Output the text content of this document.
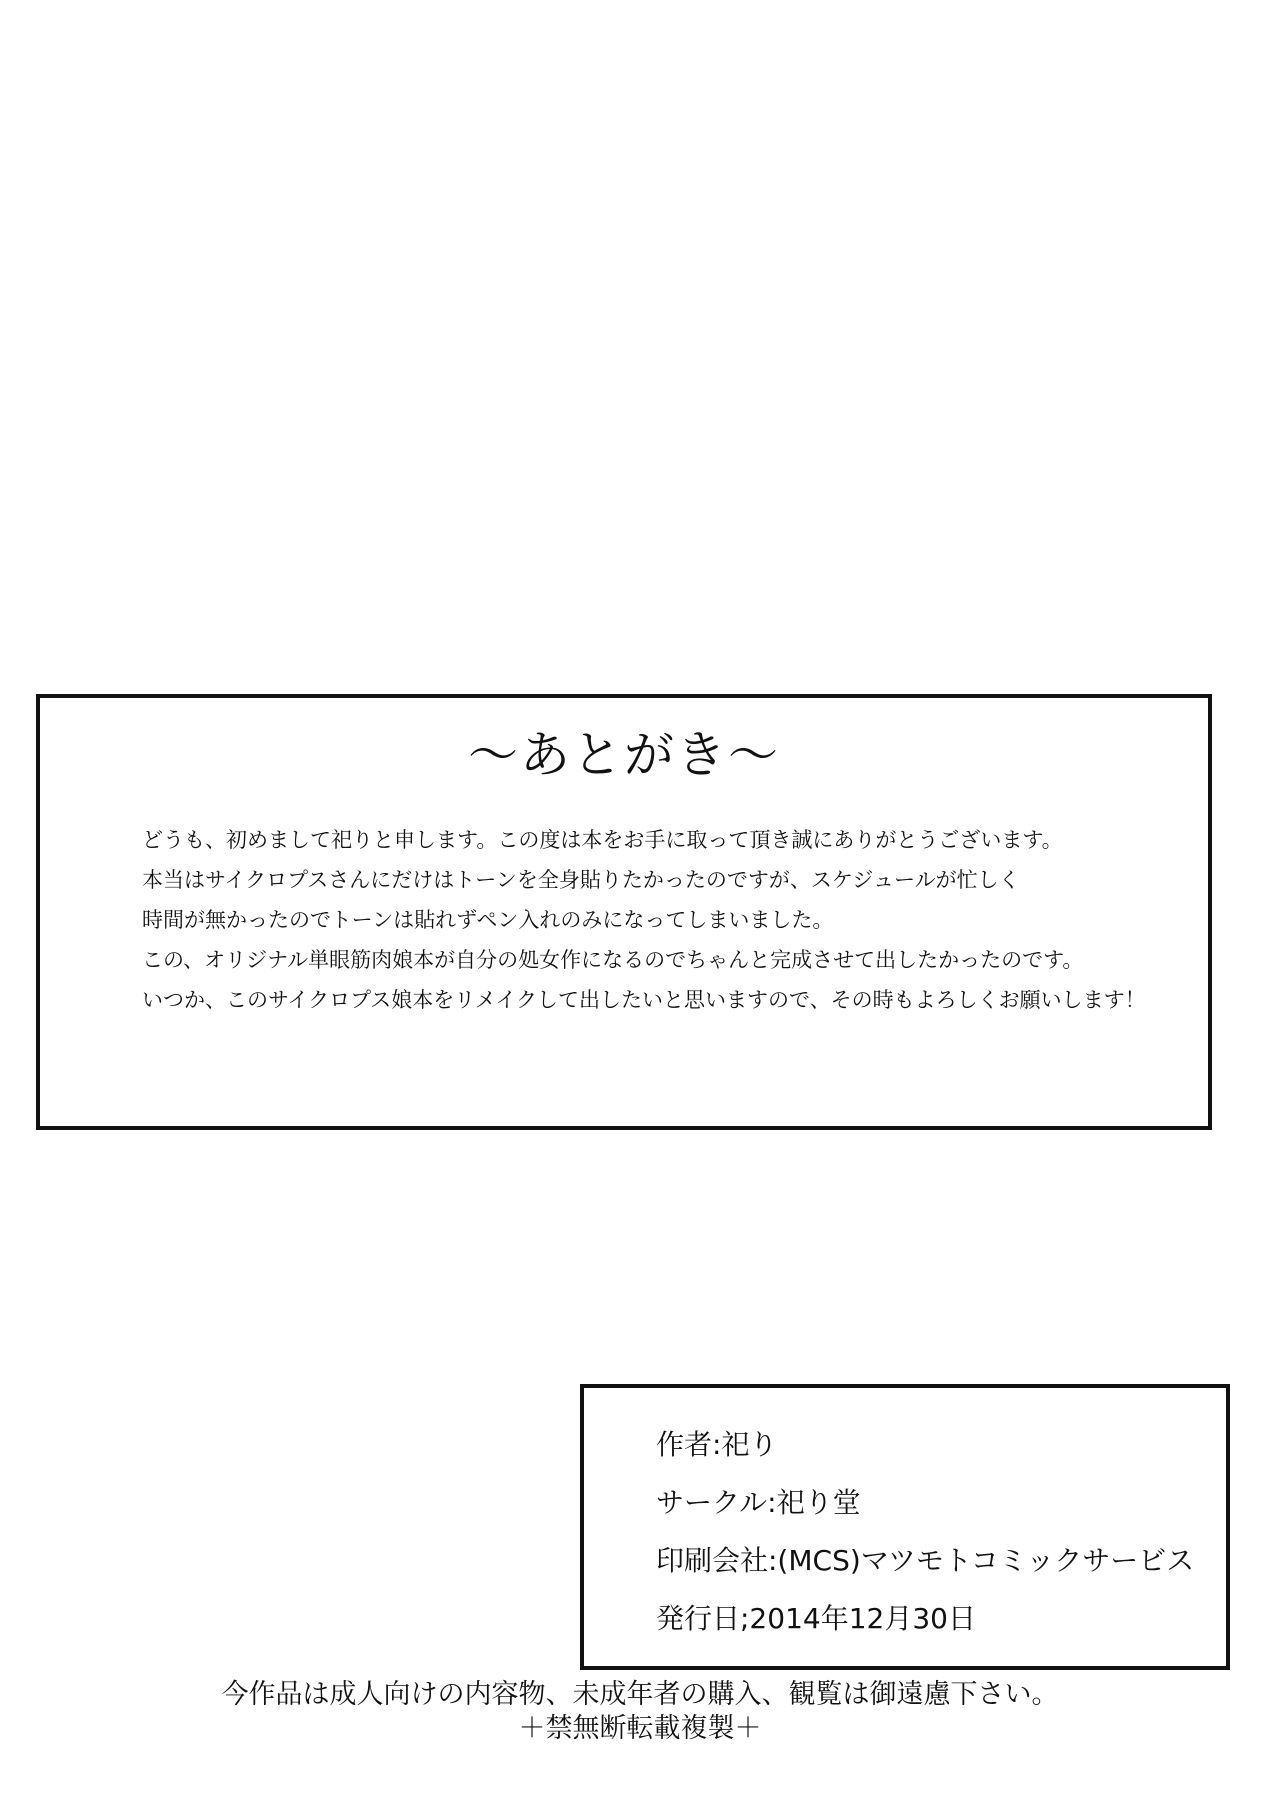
～あとがき～

どうも、初めまして祀りと申します。この度は本をお手に取って頂き誠にありがとうございます。

本当はサイクロプスさんにだけはトーンを全身貼りたかったのですが、スケジュールが忙しく

時間が無かったのでトーンは貼れずペン入れのみになってしまいました。

この、オリジナル単眼筋肉娘本が自分の処女作になるのでちゃんと完成させて出したかったのです。

いつか、このサイクロプス娘本をリメイクして出したいと思いますので、その時もよろしくお願いします！

作者:祀り
サークル:祀り堂
印刷会社:(MCS)マツモトコミックサービス
発行日;2014年12月30日
今作品は成人向けの内容物、未成年者の購入、観覧は御遠慮下さい。
＋禁無断転載複製＋
